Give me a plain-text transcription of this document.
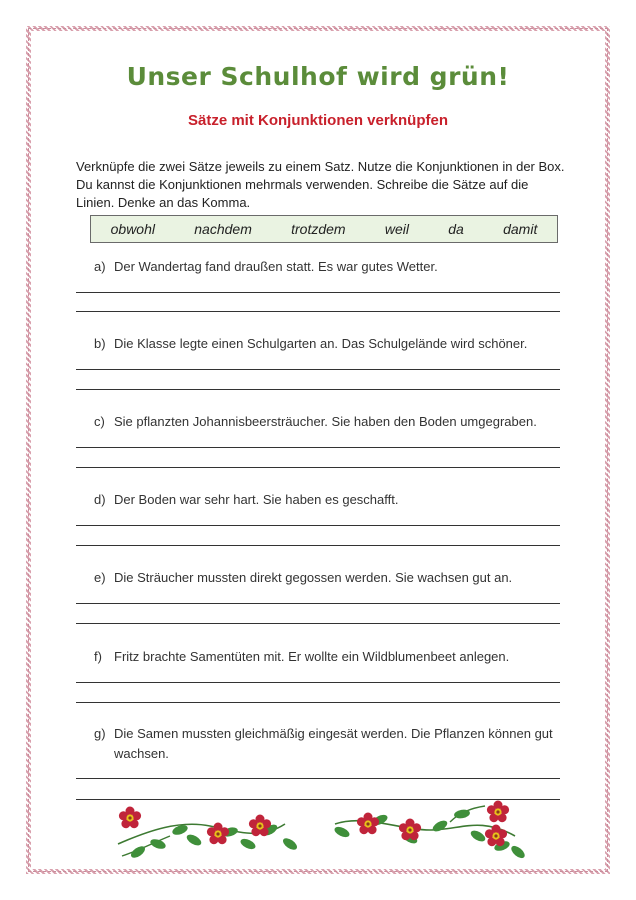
Unser Schulhof wird grün!
Sätze mit Konjunktionen verknüpfen
Verknüpfe die zwei Sätze jeweils zu einem Satz. Nutze die Konjunktionen in der Box. Du kannst die Konjunktionen mehrmals verwenden. Schreibe die Sätze auf die Linien. Denke an das Komma.
obwohl	nachdem	trotzdem	weil	da	damit
a) Der Wandertag fand draußen statt. Es war gutes Wetter.
b) Die Klasse legte einen Schulgarten an. Das Schulgelände wird schöner.
c) Sie pflanzten Johannisbeersträucher. Sie haben den Boden umgegraben.
d) Der Boden war sehr hart. Sie haben es geschafft.
e) Die Sträucher mussten direkt gegossen werden. Sie wachsen gut an.
f) Fritz brachte Samentüten mit. Er wollte ein Wildblumenbeet anlegen.
g) Die Samen mussten gleichmäßig eingesät werden. Die Pflanzen können gut wachsen.
